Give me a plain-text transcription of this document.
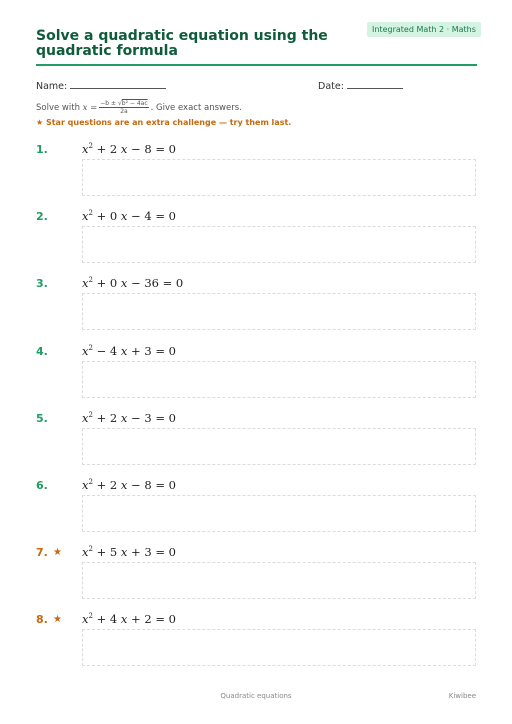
Integrated Math 2 · Maths
Solve a quadratic equation using the quadratic formula
Name:	Date:
Solve with $x = \frac{\text{−b ± √b² − 4ac}}{2a}$ . Give exact answers.
★ Star questions are an extra challenge — try them last.
1.	$x^2 + 2$ x − 8 = 0
2.	$x^2 + 0$ x − 4 = 0
3.	$x^2 + 0$ x − 36 = 0
4.	$x^2 - 4$ x + 3 = 0
5.	$x^2 + 2$ x − 3 = 0
6.	$x^2 + 2$ x − 8 = 0
7. ★ $x^2 + 5$ x + 3 = 0
8. ★ $x^2 + 4$ x + 2 = 0
Quadratic equations	Kiwibee
